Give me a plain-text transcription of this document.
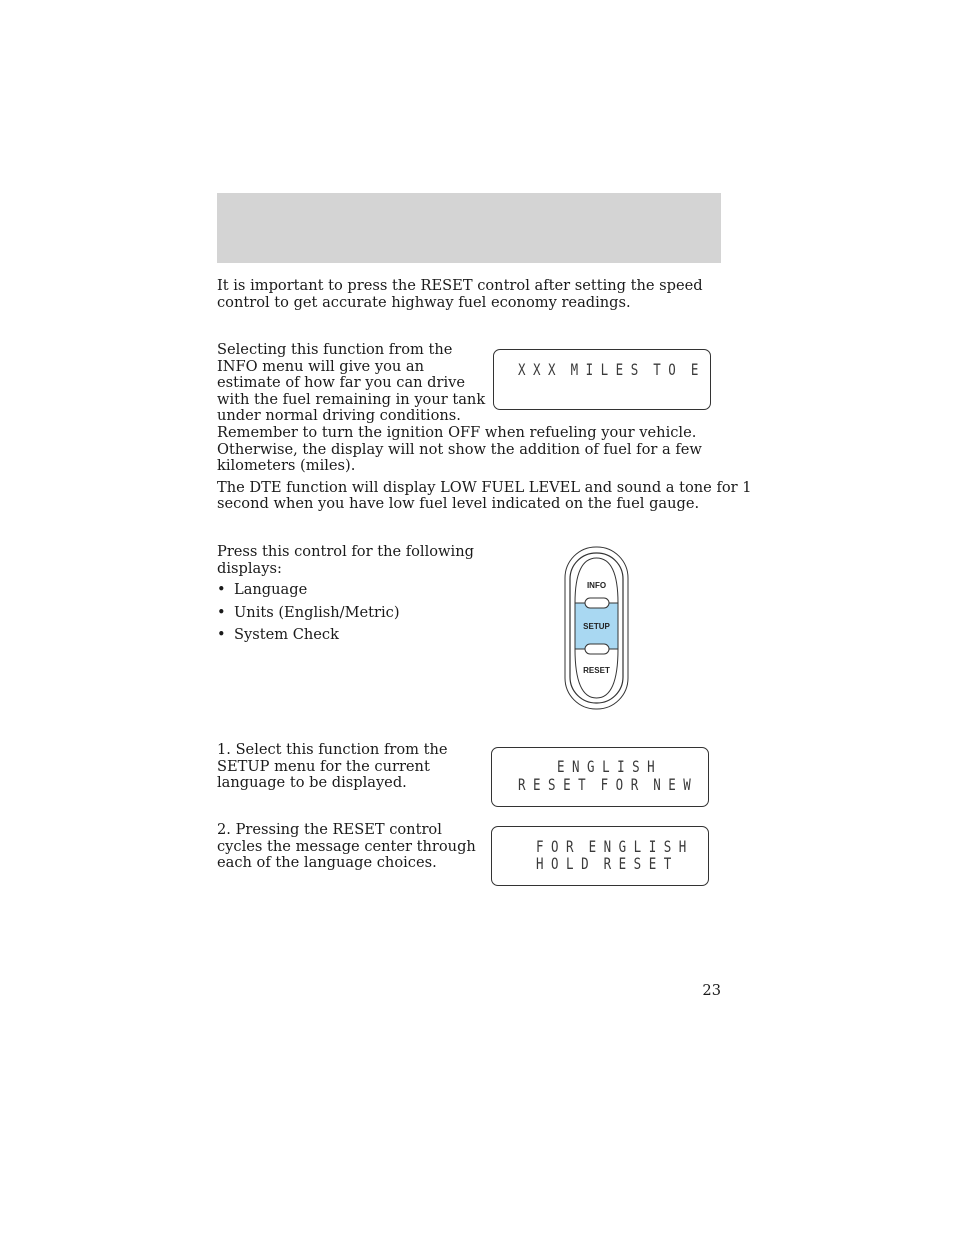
It is important to press the RESET control after setting the speed

control to get accurate highway fuel economy readings.

Selecting this function from the

INFO menu will give you an

estimate of how far you can drive

with the fuel remaining in your tank

under normal driving conditions.

Remember to turn the ignition OFF when refueling your vehicle.

Otherwise, the display will not show the addition of fuel for a few

kilometers (miles).

X X X  M I L E S  T O  E

The DTE function will display LOW FUEL LEVEL and sound a tone for 1

second when you have low fuel level indicated on the fuel gauge.

Press this control for the following

displays:

• Language
• Units (English/Metric)
• System Check
INFO
SETUP
RESET

1. Select this function from the

SETUP menu for the current

language to be displayed.

E N G L I S H
R E S E T  F O R  N E W

2. Pressing the RESET control

cycles the message center through

each of the language choices.

F O R  E N G L I S H
H O L D  R E S E T
23
